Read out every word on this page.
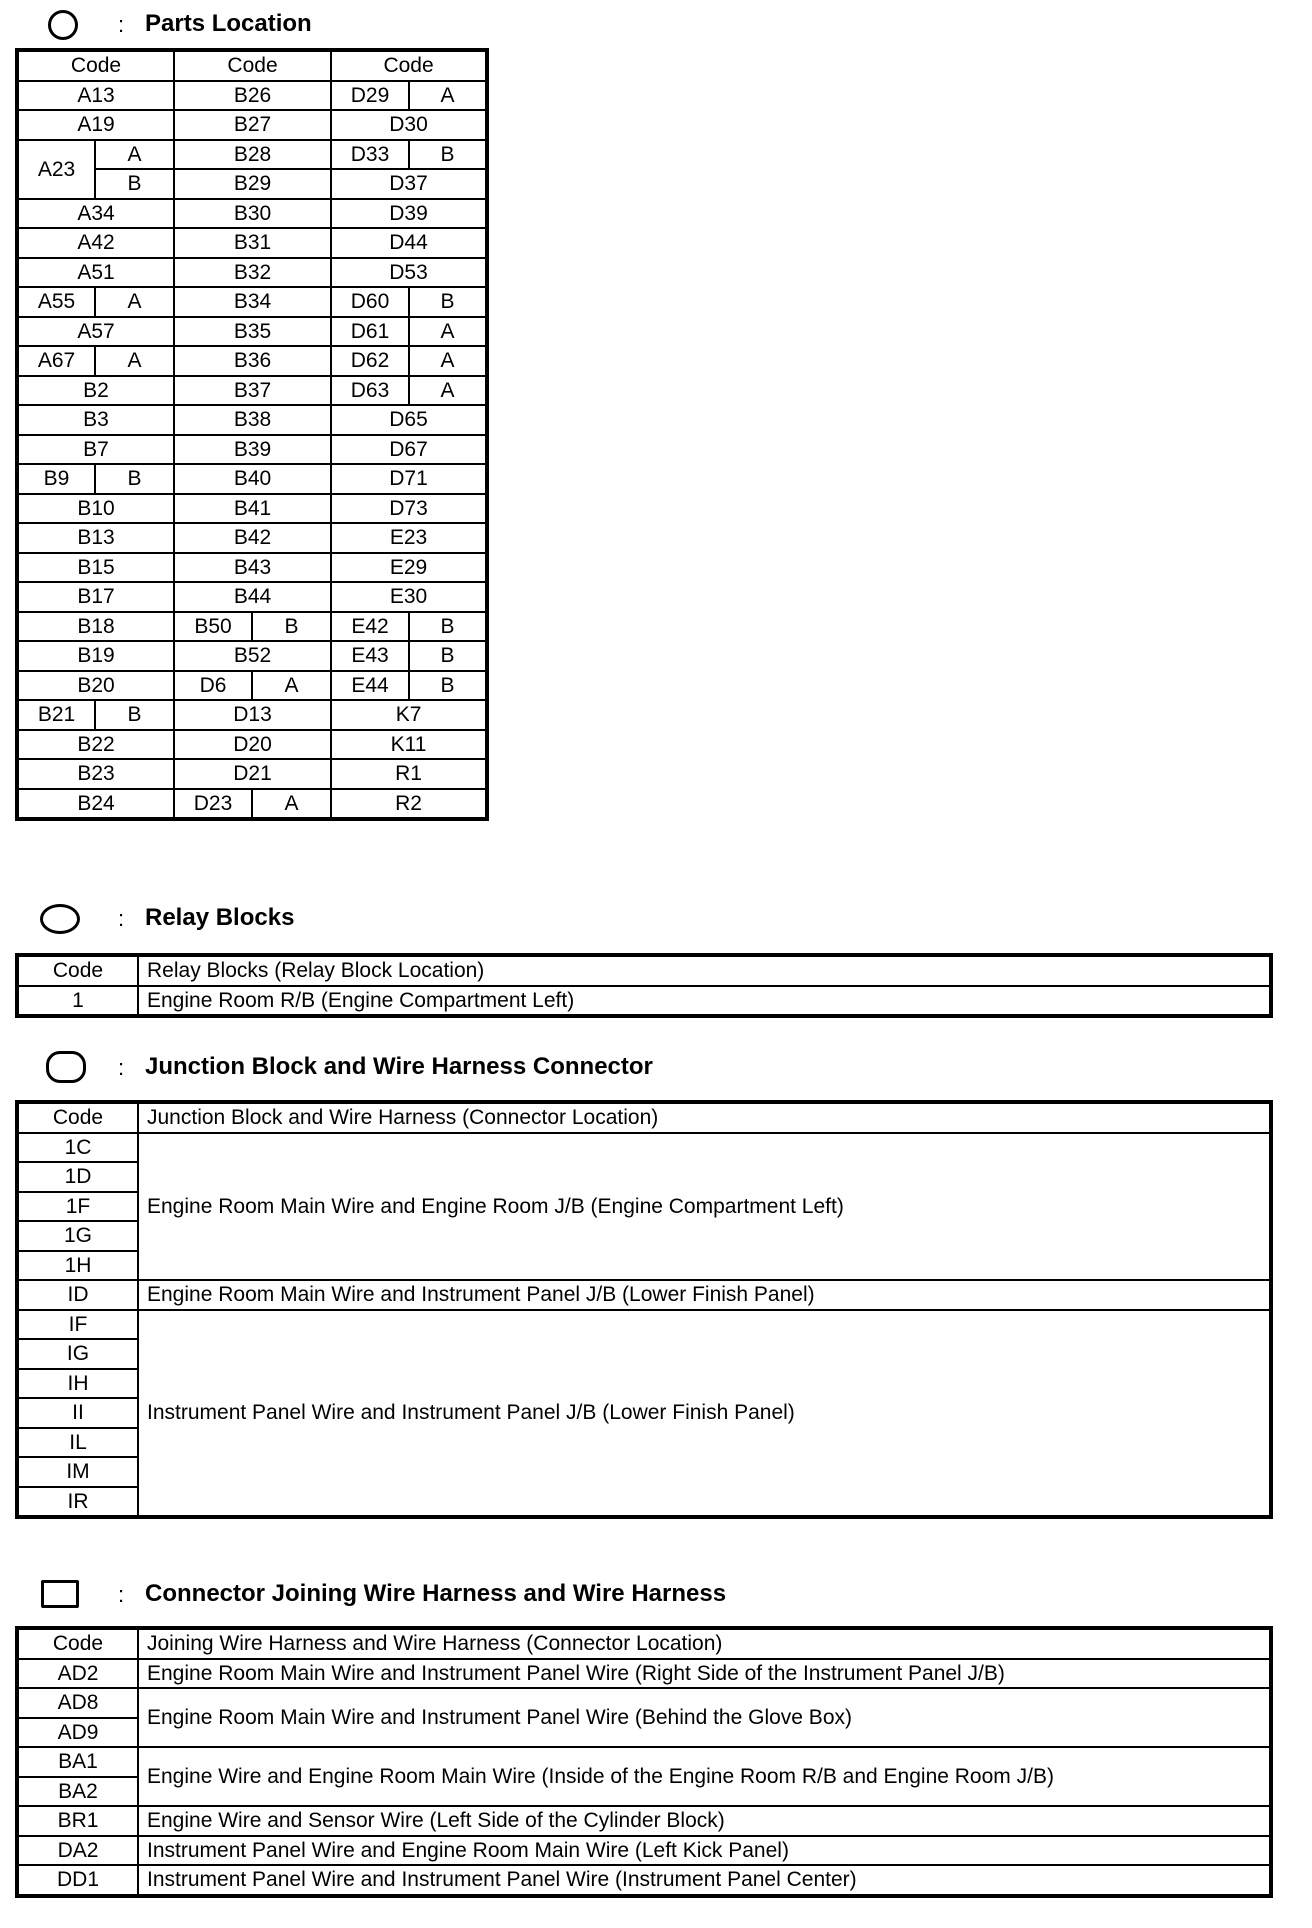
: Parts Location
Code		Code		Code	
A13		B26		D29	A
A19		B27		D30	
A23	A	B28		D33	B
	B	B29		D37	
A34		B30		D39	
A42		B31		D44	
A51		B32		D53	
A55	A	B34		D60	B
A57		B35		D61	A
A67	A	B36		D62	A
B2		B37		D63	A
B3		B38		D65	
B7		B39		D67	
B9	B	B40		D71	
B10		B41		D73	
B13		B42		E23	
B15		B43		E29	
B17		B44		E30	
B18		B50	B	E42	B
B19		B52		E43	B
B20		D6	A	E44	B
B21	B	D13		K7	
B22		D20		K11	
B23		D21		R1	
B24		D23	A	R2	
: Relay Blocks
Code	Relay Blocks (Relay Block Location)
1	Engine Room R/B (Engine Compartment Left)
: Junction Block and Wire Harness Connector
Code	Junction Block and Wire Harness (Connector Location)
1C	Engine Room Main Wire and Engine Room J/B (Engine Compartment Left)
1D	
1F	
1G	
1H	
ID	Engine Room Main Wire and Instrument Panel J/B (Lower Finish Panel)
IF	Instrument Panel Wire and Instrument Panel J/B (Lower Finish Panel)
IG	
IH	
II	
IL	
IM	
IR	
: Connector Joining Wire Harness and Wire Harness
Code	Joining Wire Harness and Wire Harness (Connector Location)
AD2	Engine Room Main Wire and Instrument Panel Wire (Right Side of the Instrument Panel J/B)
AD8	Engine Room Main Wire and Instrument Panel Wire (Behind the Glove Box)
AD9	
BA1	Engine Wire and Engine Room Main Wire (Inside of the Engine Room R/B and Engine Room J/B)
BA2	
BR1	Engine Wire and Sensor Wire (Left Side of the Cylinder Block)
DA2	Instrument Panel Wire and Engine Room Main Wire (Left Kick Panel)
DD1	Instrument Panel Wire and Instrument Panel Wire (Instrument Panel Center)
